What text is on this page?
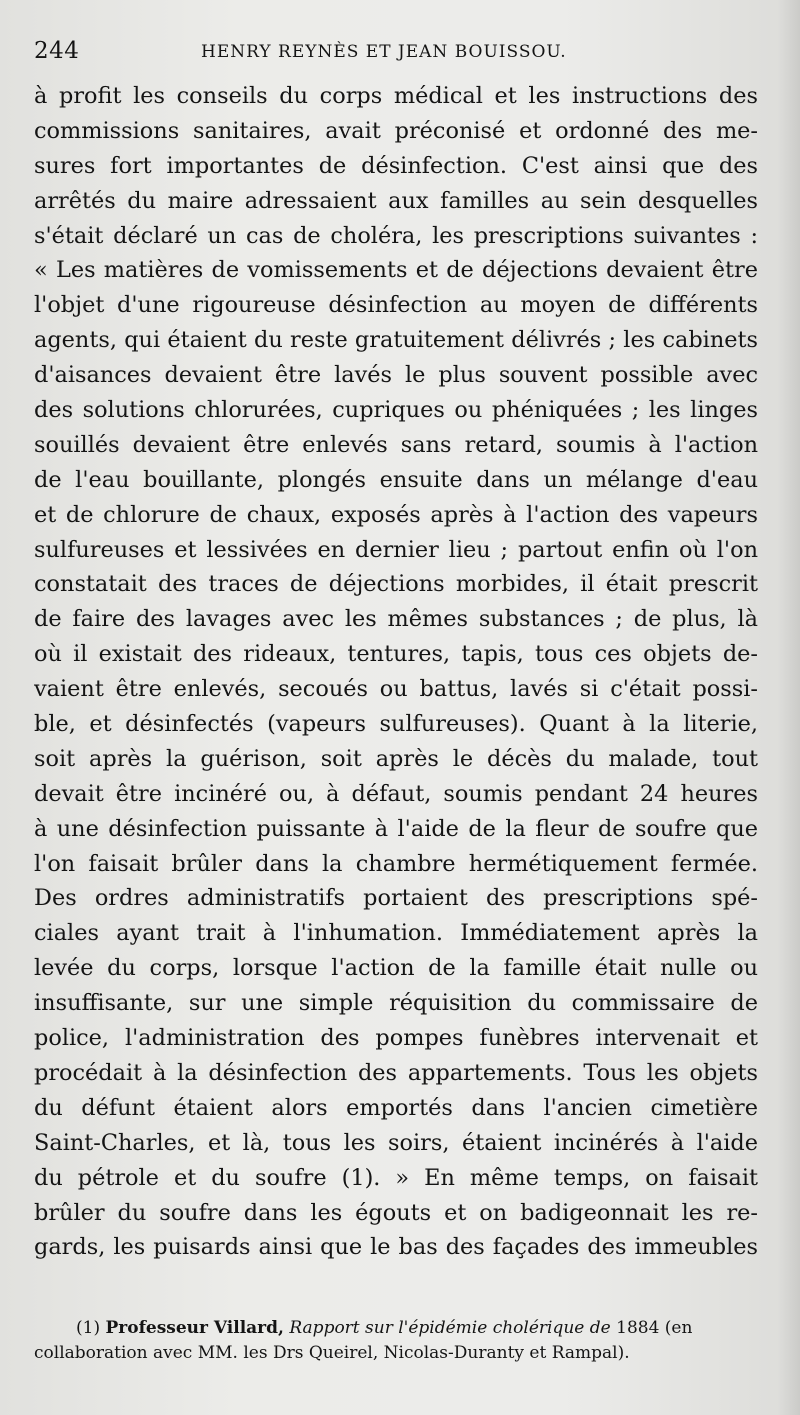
244	HENRY REYNÈS ET JEAN BOUISSOU.
à profit les conseils du corps médical et les instructions des
commissions sanitaires, avait préconisé et ordonné des me-
sures fort importantes de désinfection. C'est ainsi que des
arrêtés du maire adressaient aux familles au sein desquelles
s'était déclaré un cas de choléra, les prescriptions suivantes :
« Les matières de vomissements et de déjections devaient être
l'objet d'une rigoureuse désinfection au moyen de différents
agents, qui étaient du reste gratuitement délivrés ; les cabinets
d'aisances devaient être lavés le plus souvent possible avec
des solutions chlorurées, cupriques ou phéniquées ; les linges
souillés devaient être enlevés sans retard, soumis à l'action
de l'eau bouillante, plongés ensuite dans un mélange d'eau
et de chlorure de chaux, exposés après à l'action des vapeurs
sulfureuses et lessivées en dernier lieu ; partout enfin où l'on
constatait des traces de déjections morbides, il était prescrit
de faire des lavages avec les mêmes substances ; de plus, là
où il existait des rideaux, tentures, tapis, tous ces objets de-
vaient être enlevés, secoués ou battus, lavés si c'était possi-
ble, et désinfectés (vapeurs sulfureuses). Quant à la literie,
soit après la guérison, soit après le décès du malade, tout
devait être incinéré ou, à défaut, soumis pendant 24 heures
à une désinfection puissante à l'aide de la fleur de soufre que
l'on faisait brûler dans la chambre hermétiquement fermée.
Des ordres administratifs portaient des prescriptions spé-
ciales ayant trait à l'inhumation. Immédiatement après la
levée du corps, lorsque l'action de la famille était nulle ou
insuffisante, sur une simple réquisition du commissaire de
police, l'administration des pompes funèbres intervenait et
procédait à la désinfection des appartements. Tous les objets
du défunt étaient alors emportés dans l'ancien cimetière
Saint-Charles, et là, tous les soirs, étaient incinérés à l'aide
du pétrole et du soufre (1). » En même temps, on faisait
brûler du soufre dans les égouts et on badigeonnait les re-
gards, les puisards ainsi que le bas des façades des immeubles
(1) Professeur Villard, Rapport sur l'épidémie cholérique de 1884 (en
collaboration avec MM. les Drs Queirel, Nicolas-Duranty et Rampal).
